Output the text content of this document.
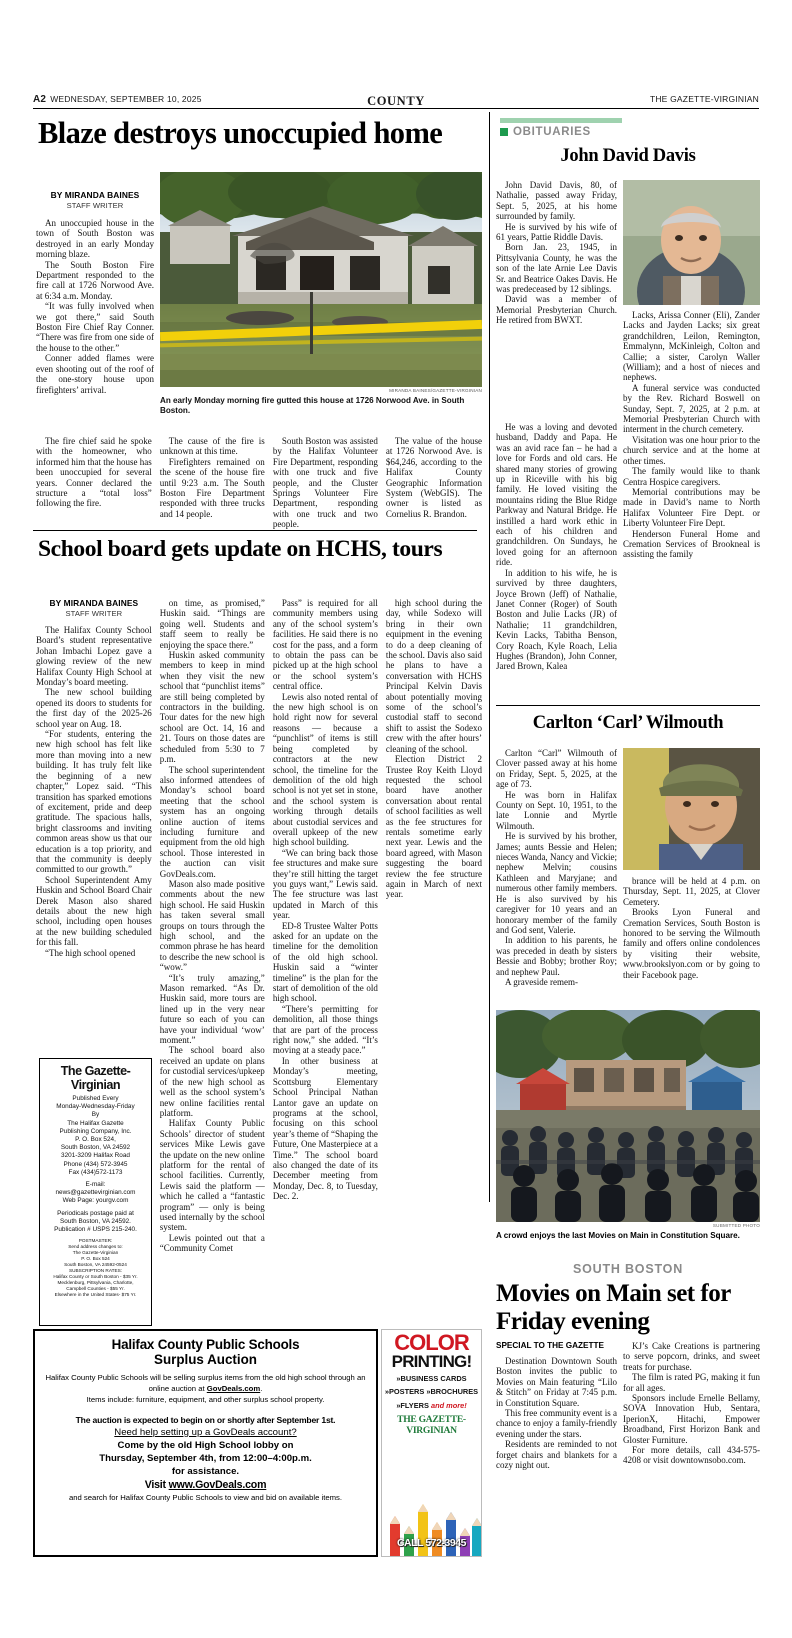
A2 WEDNESDAY, SEPTEMBER 10, 2025	COUNTY	THE GAZETTE-VIRGINIAN
Blaze destroys unoccupied home
BY MIRANDA BAINES
STAFF WRITER

An unoccupied house in the town of South Boston was destroyed in an early Monday morning blaze.

The South Boston Fire Department responded to the fire call at 1726 Norwood Ave. at 6:34 a.m. Monday.

“It was fully involved when we got there,” said South Boston Fire Chief Ray Conner. “There was fire from one side of the house to the other.”

Conner added flames were even shooting out of the roof of the one-story house upon firefighters’ arrival.	MIRANDA BAINES/GAZETTE-VIRGINIAN
An early Monday morning fire gutted this house at 1726 Norwood Ave. in South Boston.

The fire chief said he spoke with the homeowner, who informed him that the house has been unoccupied for several years. Conner declared the structure a “total loss” following the fire.

The cause of the fire is unknown at this time.

Firefighters remained on the scene of the house fire until 9:23 a.m. The South Boston Fire Department responded with three trucks and 14 people.

South Boston was assisted by the Halifax Volunteer Fire Department, responding with one truck and five people, and the Cluster Springs Volunteer Fire Department, responding with one truck and two people.

The value of the house at 1726 Norwood Ave. is $64,246, according to the Halifax County Geographic Information System (WebGIS). The owner is listed as Cornelius R. Brandon.

School board gets update on HCHS, tours
BY MIRANDA BAINES
STAFF WRITER

The Halifax County School Board’s student representative Johan Imbachi Lopez gave a glowing review of the new Halifax County High School at Monday’s board meeting.

The new school building opened its doors to students for the first day of the 2025-26 school year on Aug. 18.

“For students, entering the new high school has felt like more than moving into a new building. It has truly felt like the beginning of a new chapter,” Lopez said. “This transition has sparked emotions of excitement, pride and deep gratitude. The spacious halls, bright classrooms and inviting common areas show us that our education is a top priority, and that the community is deeply committed to our growth.”

School Superintendent Amy Huskin and School Board Chair Derek Mason also shared details about the new high school, including open houses at the new building scheduled for this fall.

“The high school opened

on time, as promised,” Huskin said. “Things are going well. Students and staff seem to really be enjoying the space there.”

Huskin asked community members to keep in mind when they visit the new school that “punchlist items” are still being completed by contractors in the building. Tour dates for the new high school are Oct. 14, 16 and 21. Tours on those dates are scheduled from 5:30 to 7 p.m.

The school superintendent also informed attendees of Monday’s school board meeting that the school system has an ongoing online auction of items including furniture and equipment from the old high school. Those interested in the auction can visit GovDeals.com.

Mason also made positive comments about the new high school. He said Huskin has taken several small groups on tours through the high school, and the common phrase he has heard to describe the new school is “wow.”

“It’s truly amazing,” Mason remarked. “As Dr. Huskin said, more tours are lined up in the very near future so each of you can have your individual ‘wow’ moment.”

The school board also received an update on plans for custodial services/upkeep of the new high school as well as the school system’s new online facilities rental platform.

Halifax County Public Schools’ director of student services Mike Lewis gave the update on the new online platform for the rental of school facilities. Currently, Lewis said the platform — which he called a “fantastic program” — only is being used internally by the school system.

Lewis pointed out that a “Community Comet

Pass” is required for all community members using any of the school system’s facilities. He said there is no cost for the pass, and a form to obtain the pass can be picked up at the high school or the school system’s central office.

Lewis also noted rental of the new high school is on hold right now for several reasons — because a “punchlist” of items is still being completed by contractors at the new school, the timeline for the demolition of the old high school is not yet set in stone, and the school system is working through details about custodial services and overall upkeep of the new high school building.

“We can bring back those fee structures and make sure they’re still hitting the target you guys want,” Lewis said. The fee structure was last updated in March of this year.

ED-8 Trustee Walter Potts asked for an update on the timeline for the demolition of the old high school. Huskin said a “winter timeline” is the plan for the start of demolition of the old high school.

“There’s permitting for demolition, all those things that are part of the process right now,” she added. “It’s moving at a steady pace.”

In other business at Monday’s meeting, Scottsburg Elementary School Principal Nathan Lantor gave an update on programs at the school, focusing on this school year’s theme of “Shaping the Future, One Masterpiece at a Time.” The school board also changed the date of its December meeting from Monday, Dec. 8, to Tuesday, Dec. 2.

high school during the day, while Sodexo will bring in their own equipment in the evening to do a deep cleaning of the school. Davis also said he plans to have a conversation with HCHS Principal Kelvin Davis about potentially moving some of the school’s custodial staff to second shift to assist the Sodexo crew with the after hours’ cleaning of the school.

Election District 2 Trustee Roy Keith Lloyd requested the school board have another conversation about rental of school facilities as well as the fee structures for rentals sometime early next year. Lewis and the board agreed, with Mason suggesting the board review the fee structure again in March of next year.

The Gazette-Virginian
Published Every
Monday-Wednesday-Friday
By
The Halifax Gazette
Publishing Company, Inc.
P. O. Box 524,
South Boston, VA 24592
3201-3209 Halifax Road
Phone (434) 572-3945
Fax (434)572-1173
E-mail:
news@gazettevirginian.com
Web Page: yourgv.com
Periodicals postage paid at
South Boston, VA 24592.
Publication # USPS 215-240.
POSTMASTER:
Send address changes to:
The Gazette-Virginian
P. O. Box 524
South Boston, VA 24592-0524
SUBSCRIPTION RATES:
Halifax County or South Boston - $35 Yr.
Mecklenburg, Pittsylvania, Charlotte,
Campbell Counties - $55 Yr.
Elsewhere in the United States- $75 Yr.
Halifax County Public Schools
Surplus Auction
Halifax County Public Schools will be selling surplus items from the old high school through an online auction at GovDeals.com.
Items include: furniture, equipment, and other surplus school property.
The auction is expected to begin on or shortly after September 1st.
Need help setting up a GovDeals account?
Come by the old High School lobby on
Thursday, September 4th, from 12:00–4:00p.m.
for assistance.
Visit www.GovDeals.com
and search for Halifax County Public Schools to view and bid on available items.
COLOR
PRINTING!
»BUSINESS CARDS
»POSTERS »BROCHURES
»FLYERS and more!
THE GAZETTE-
VIRGINIAN
CALL 572-3945
OBITUARIES
John David Davis

John David Davis, 80, of Nathalie, passed away Friday, Sept. 5, 2025, at his home surrounded by family.

He is survived by his wife of 61 years, Pattie Riddle Davis.

Born Jan. 23, 1945, in Pittsylvania County, he was the son of the late Arnie Lee Davis Sr. and Beatrice Oakes Davis. He was predeceased by 12 siblings.

David was a member of Memorial Presbyterian Church. He retired from BWXT.

Lacks, Arissa Conner (Eli), Zander Lacks and Jayden Lacks; six great grandchildren, Leilon, Remington, Emmalynn, McKinleigh, Colton and Callie; a sister, Carolyn Waller (William); and a host of nieces and nephews.

A funeral service was conducted by the Rev. Richard Boswell on Sunday, Sept. 7, 2025, at 2 p.m. at Memorial Presbyterian Church with interment in the church cemetery.

Visitation was one hour prior to the church service and at the home at other times.

The family would like to thank Centra Hospice caregivers.

Memorial contributions may be made in David’s name to North Halifax Volunteer Fire Dept. or Liberty Volunteer Fire Dept.

Henderson Funeral Home and Cremation Services of Brookneal is assisting the family

He was a loving and devoted husband, Daddy and Papa. He was an avid race fan – he had a love for Fords and old cars. He shared many stories of growing up in Riceville with his big family. He loved visiting the mountains riding the Blue Ridge Parkway and Natural Bridge. He instilled a hard work ethic in each of his children and grandchildren. On Sundays, he loved going for an afternoon ride.

In addition to his wife, he is survived by three daughters, Joyce Brown (Jeff) of Nathalie, Janet Conner (Roger) of South Boston and Julie Lacks (JR) of Nathalie; 11 grandchildren, Kevin Lacks, Tabitha Benson, Cory Roach, Kyle Roach, Lelia Hughes (Brandon), John Conner, Jared Brown, Kalea

Carlton ‘Carl’ Wilmouth

Carlton “Carl” Wilmouth of Clover passed away at his home on Friday, Sept. 5, 2025, at the age of 73.

He was born in Halifax County on Sept. 10, 1951, to the late Lonnie and Myrtle Wilmouth.

He is survived by his brother, James; aunts Bessie and Helen; nieces Wanda, Nancy and Vickie; nephew Melvin; cousins Kathleen and Maryjane; and numerous other family members. He is also survived by his caregiver for 10 years and an honorary member of the family and God sent, Valerie.

In addition to his parents, he was preceded in death by sisters Bessie and Bobby; brother Roy; and nephew Paul.

A graveside remem-

brance will be held at 4 p.m. on Thursday, Sept. 11, 2025, at Clover Cemetery.

Brooks Lyon Funeral and Cremation Services, South Boston is honored to be serving the Wilmouth family and offers online condolences by visiting their website, www.brookslyon.com or by going to their Facebook page.

SUBMITTED PHOTO
A crowd enjoys the last Movies on Main in Constitution Square.
SOUTH BOSTON
Movies on Main set for Friday evening
SPECIAL TO THE GAZETTE

Destination Downtown South Boston invites the public to Movies on Main featuring “Lilo & Stitch” on Friday at 7:45 p.m. in Constitution Square.

This free community event is a chance to enjoy a family-friendly evening under the stars.

Residents are reminded to not forget chairs and blankets for a cozy night out.

KJ’s Cake Creations is partnering to serve popcorn, drinks, and sweet treats for purchase.

The film is rated PG, making it fun for all ages.

Sponsors include Ernelle Bellamy, SOVA Innovation Hub, Sentara, IperionX, Hitachi, Empower Broadband, First Horizon Bank and Gloster Furniture.

For more details, call 434-575-4208 or visit downtownsobo.com.
